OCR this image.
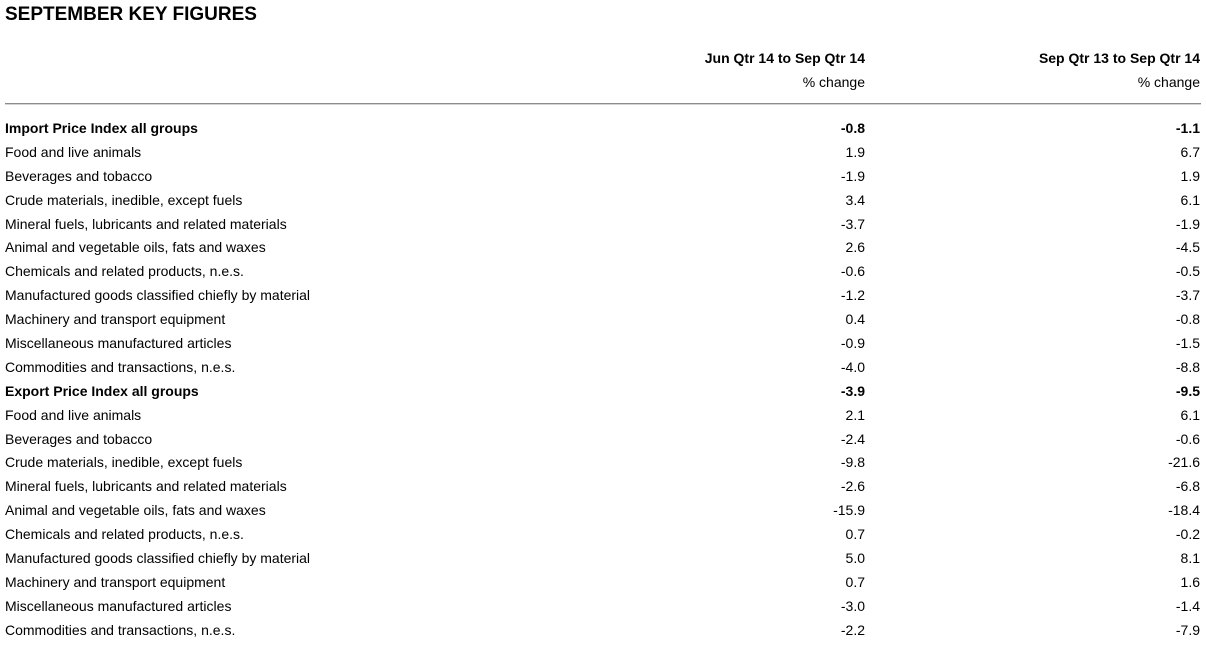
SEPTEMBER KEY FIGURES
Jun Qtr 14 to Sep Qtr 14
% change
Sep Qtr 13 to Sep Qtr 14
% change
Import Price Index all groups	-0.8	-1.1
Food and live animals	1.9	6.7
Beverages and tobacco	-1.9	1.9
Crude materials, inedible, except fuels	3.4	6.1
Mineral fuels, lubricants and related materials	-3.7	-1.9
Animal and vegetable oils, fats and waxes	2.6	-4.5
Chemicals and related products, n.e.s.	-0.6	-0.5
Manufactured goods classified chiefly by material	-1.2	-3.7
Machinery and transport equipment	0.4	-0.8
Miscellaneous manufactured articles	-0.9	-1.5
Commodities and transactions, n.e.s.	-4.0	-8.8
Export Price Index all groups	-3.9	-9.5
Food and live animals	2.1	6.1
Beverages and tobacco	-2.4	-0.6
Crude materials, inedible, except fuels	-9.8	-21.6
Mineral fuels, lubricants and related materials	-2.6	-6.8
Animal and vegetable oils, fats and waxes	-15.9	-18.4
Chemicals and related products, n.e.s.	0.7	-0.2
Manufactured goods classified chiefly by material	5.0	8.1
Machinery and transport equipment	0.7	1.6
Miscellaneous manufactured articles	-3.0	-1.4
Commodities and transactions, n.e.s.	-2.2	-7.9
